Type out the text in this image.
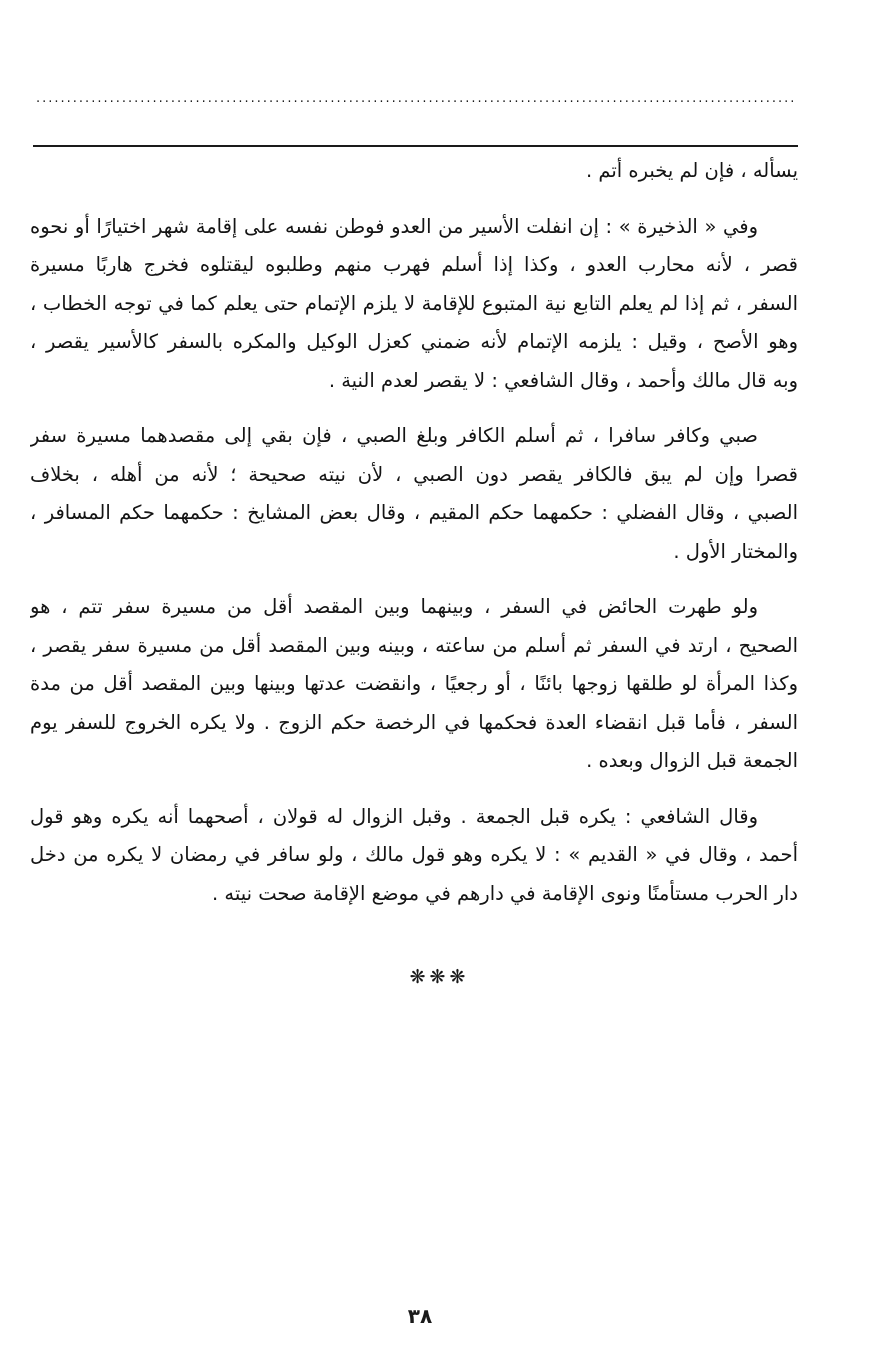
............................................................................................................................
يسأله ، فإن لم يخبره أتم .
وفي « الذخيرة » : إن انفلت الأسير من العدو فوطن نفسه على إقامة شهر اختيارًا أو نحوه
قصر ، لأنه محارب العدو ، وكذا إذا أسلم فهرب منهم وطلبوه ليقتلوه فخرج هاربًا مسيرة
السفر ، ثم إذا لم يعلم التابع نية المتبوع للإقامة لا يلزم الإتمام حتى يعلم كما في توجه الخطاب ،
وهو الأصح ، وقيل : يلزمه الإتمام لأنه ضمني كعزل الوكيل والمكره بالسفر كالأسير يقصر ،
وبه قال مالك وأحمد ، وقال الشافعي : لا يقصر لعدم النية .
صبي وكافر سافرا ، ثم أسلم الكافر وبلغ الصبي ، فإن بقي إلى مقصدهما مسيرة سفر
قصرا وإن لم يبق فالكافر يقصر دون الصبي ، لأن نيته صحيحة ؛ لأنه من أهله ، بخلاف
الصبي ، وقال الفضلي : حكمهما حكم المقيم ، وقال بعض المشايخ : حكمهما حكم المسافر ،
والمختار الأول .
ولو طهرت الحائض في السفر ، وبينهما وبين المقصد أقل من مسيرة سفر تتم ، هو
الصحيح ، ارتد في السفر ثم أسلم من ساعته ، وبينه وبين المقصد أقل من مسيرة سفر يقصر ،
وكذا المرأة لو طلقها زوجها بائنًا ، أو رجعيًا ، وانقضت عدتها وبينها وبين المقصد أقل من مدة
السفر ، فأما قبل انقضاء العدة فحكمها في الرخصة حكم الزوج . ولا يكره الخروج للسفر يوم
الجمعة قبل الزوال وبعده .
وقال الشافعي : يكره قبل الجمعة . وقبل الزوال له قولان ، أصحهما أنه يكره وهو قول
أحمد ، وقال في « القديم » : لا يكره وهو قول مالك ، ولو سافر في رمضان لا يكره من دخل
دار الحرب مستأمنًا ونوى الإقامة في دارهم في موضع الإقامة صحت نيته .
❋❋❋
٣٨
